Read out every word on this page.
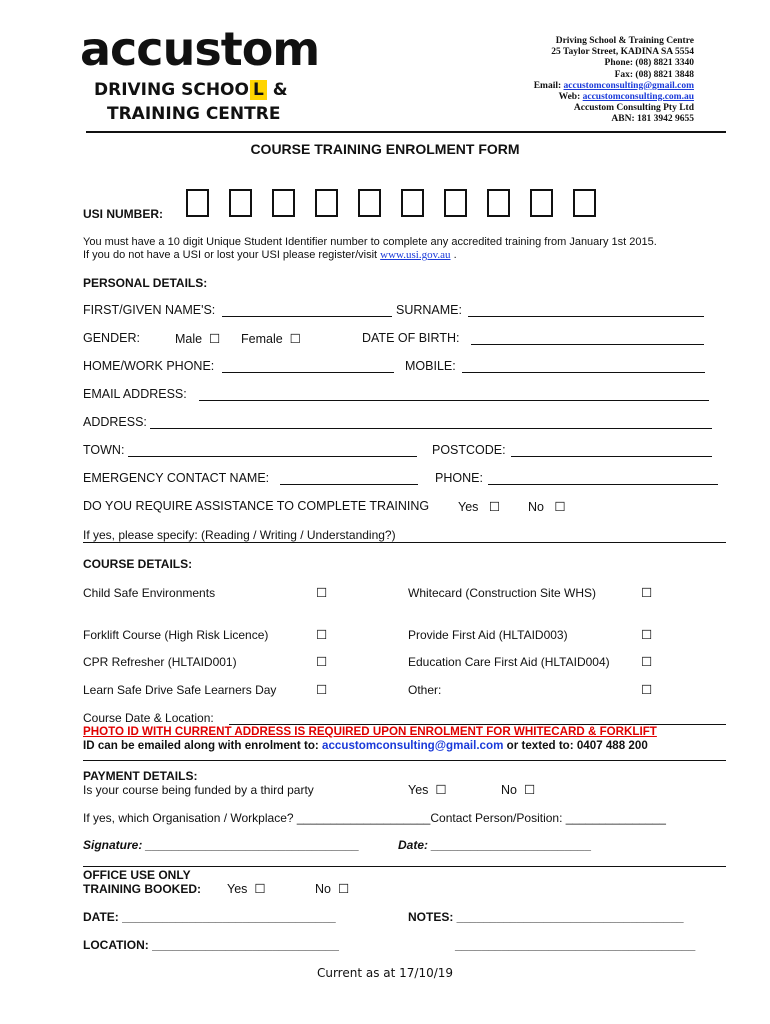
accustom
DRIVING SCHOO L &
TRAINING CENTRE
Driving School & Training Centre
25 Taylor Street, KADINA SA 5554
Phone: (08) 8821 3340
Fax: (08) 8821 3848
Email: accustomconsulting@gmail.com
Web: accustomconsulting.com.au
Accustom Consulting Pty Ltd
ABN: 181 3942 9655
COURSE TRAINING ENROLMENT FORM
USI NUMBER:
You must have a 10 digit Unique Student Identifier number to complete any accredited training from January 1st 2015.
If you do not have a USI or lost your USI please register/visit www.usi.gov.au .
PERSONAL DETAILS:
FIRST/GIVEN NAME'S:	SURNAME:
GENDER:	Male ☐ Female ☐	DATE OF BIRTH:
HOME/WORK PHONE:	MOBILE:
EMAIL ADDRESS:
ADDRESS:
TOWN:	POSTCODE:
EMERGENCY CONTACT NAME:	PHONE:
DO YOU REQUIRE ASSISTANCE TO COMPLETE TRAINING Yes ☐ No ☐
If yes, please specify: (Reading / Writing / Understanding?)
COURSE DETAILS:
Child Safe Environments	☐	Whitecard (Construction Site WHS)	☐
Forklift Course (High Risk Licence)	☐	Provide First Aid (HLTAID003)	☐
CPR Refresher (HLTAID001)	☐	Education Care First Aid (HLTAID004)	☐
Learn Safe Drive Safe Learners Day	☐	Other:	☐
Course Date & Location:
PHOTO ID WITH CURRENT ADDRESS IS REQUIRED UPON ENROLMENT FOR WHITECARD & FORKLIFT
ID can be emailed along with enrolment to: accustomconsulting@gmail.com or texted to: 0407 488 200
PAYMENT DETAILS:
Is your course being funded by a third party	Yes ☐	No ☐
If yes, which Organisation / Workplace? ____________________Contact Person/Position: _______________
Signature: ________________________________	Date: ________________________
OFFICE USE ONLY
TRAINING BOOKED: Yes ☐	No ☐
DATE: ________________________________	NOTES: __________________________________
LOCATION: ____________________________	____________________________________
Current as at 17/10/19
